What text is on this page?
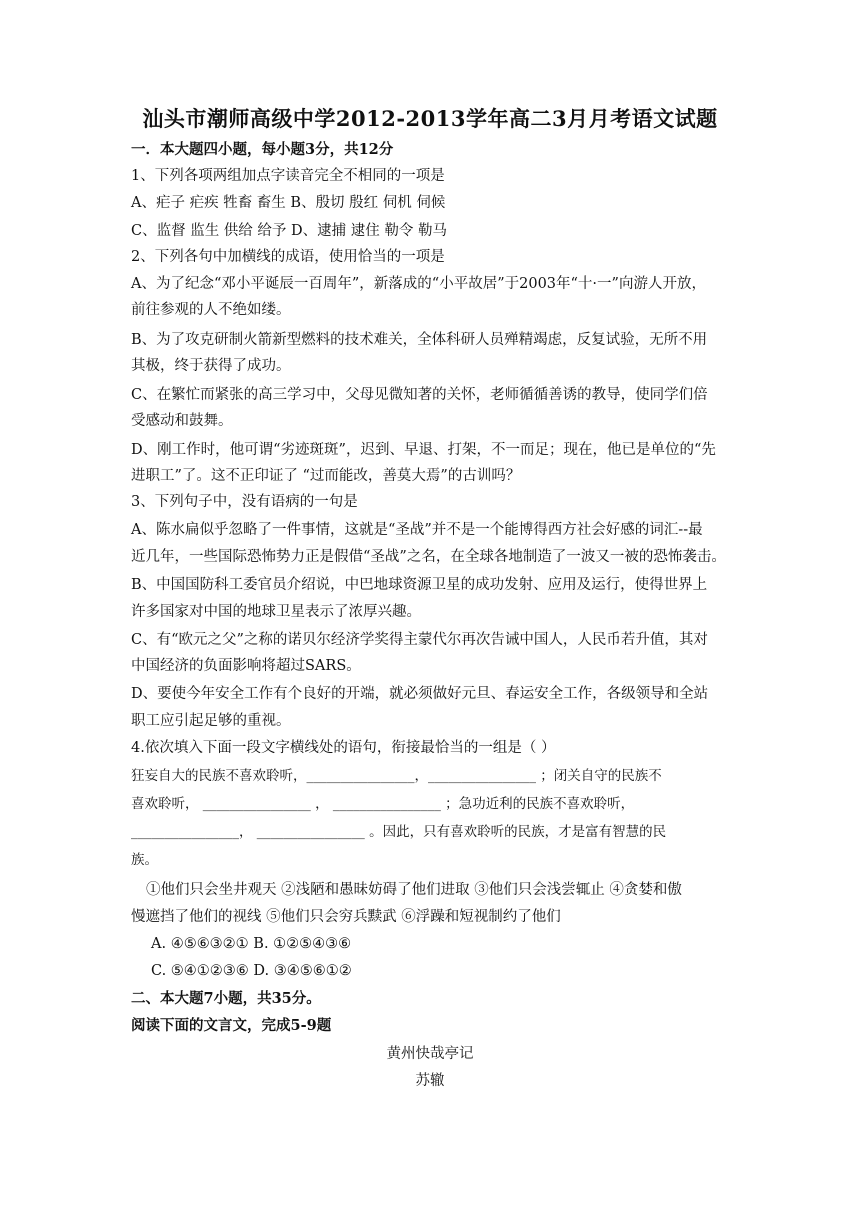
汕头市潮师高级中学2012-2013学年高二3月月考语文试题
一．本大题四小题，每小题3分，共12分
1、下列各项两组加点字读音完全不相同的一项是
A、疟子 疟疾 牲畜 畜生 B、殷切 殷红 伺机 伺候
C、监督 监生 供给 给予 D、逮捕 逮住 勒令 勒马
2、下列各句中加横线的成语，使用恰当的一项是
A、为了纪念“邓小平诞辰一百周年”，新落成的“小平故居”于2003年“十·一”向游人开放，
前往参观的人不绝如缕。
B、为了攻克研制火箭新型燃料的技术难关，全体科研人员殚精竭虑，反复试验，无所不用
其极，终于获得了成功。
C、在繁忙而紧张的高三学习中，父母见微知著的关怀，老师循循善诱的教导，使同学们倍
受感动和鼓舞。
D、刚工作时，他可谓“劣迹斑斑”，迟到、早退、打架，不一而足；现在，他已是单位的“先
进职工”了。这不正印证了 “过而能改，善莫大焉”的古训吗？
3、下列句子中，没有语病的一句是
A、陈水扁似乎忽略了一件事情，这就是“圣战”并不是一个能博得西方社会好感的词汇--最
近几年，一些国际恐怖势力正是假借“圣战”之名，在全球各地制造了一波又一被的恐怖袭击。
B、中国国防科工委官员介绍说，中巴地球资源卫星的成功发射、应用及运行，使得世界上
许多国家对中国的地球卫星表示了浓厚兴趣。
C、有“欧元之父”之称的诺贝尔经济学奖得主蒙代尔再次告诫中国人，人民币若升值，其对
中国经济的负面影响将超过SARS。
D、要使今年安全工作有个良好的开端，就必须做好元旦、春运安全工作，各级领导和全站
职工应引起足够的重视。
4.依次填入下面一段文字横线处的语句，衔接最恰当的一组是（ ）
狂妄自大的民族不喜欢聆听，________________，________________ ；闭关自守的民族不
喜欢聆听， ________________ ， ________________ ；急功近利的民族不喜欢聆听，
________________， ________________ 。因此，只有喜欢聆听的民族，才是富有智慧的民
族。
①他们只会坐井观天 ②浅陋和愚昧妨碍了他们进取 ③他们只会浅尝辄止 ④贪婪和傲
慢遮挡了他们的视线 ⑤他们只会穷兵黩武 ⑥浮躁和短视制约了他们
A. ④⑤⑥③②① B. ①②⑤④③⑥
C. ⑤④①②③⑥ D. ③④⑤⑥①②
二、本大题7小题，共35分。
阅读下面的文言文，完成5-9题
黄州快哉亭记
苏辙
